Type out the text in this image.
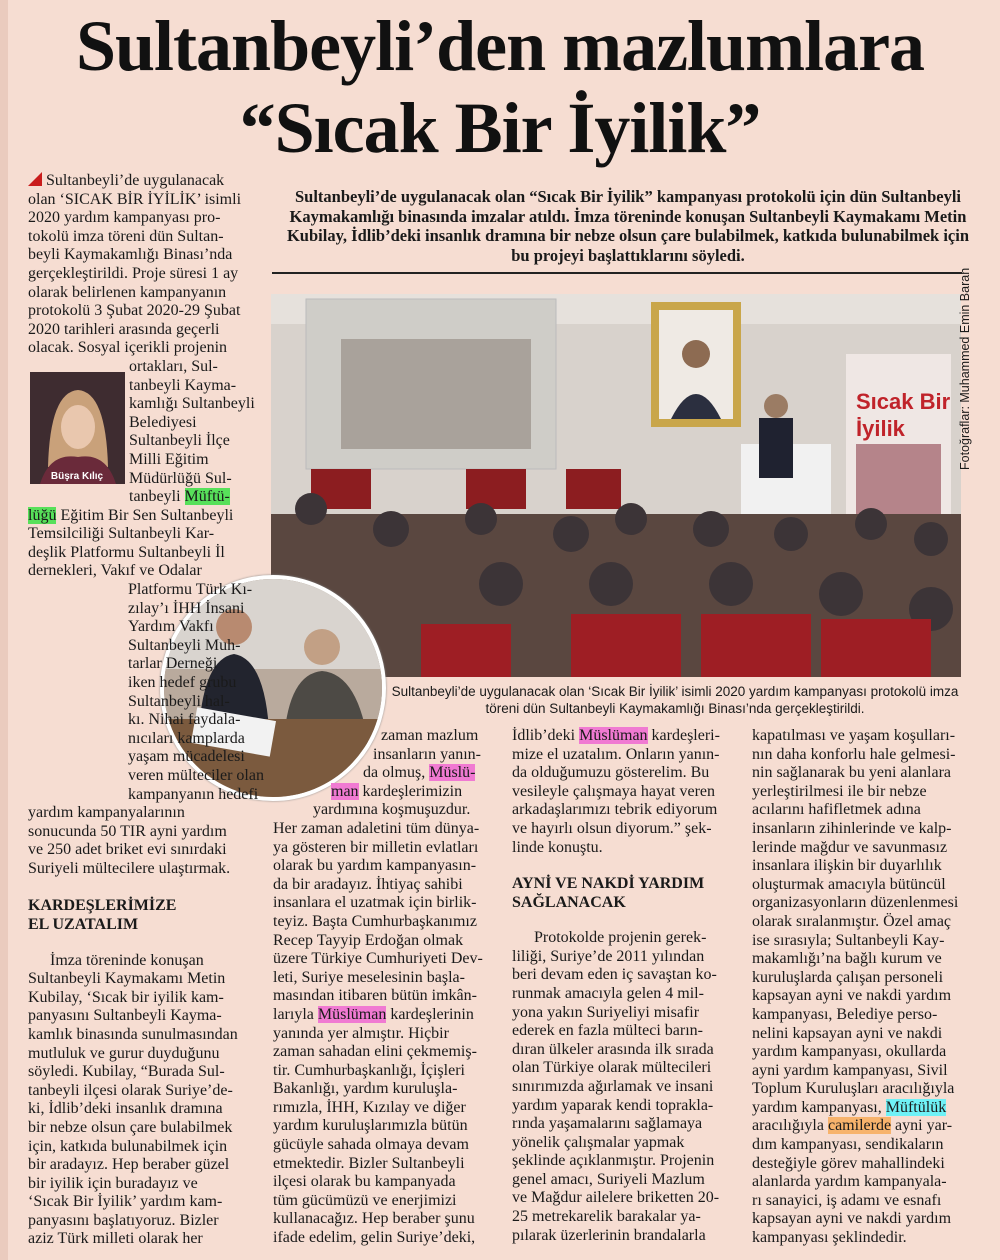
Sultanbeyli’den mazlumlara
“Sıcak Bir İyilik”
Sultanbeyli’de uygulanacak olan “Sıcak Bir İyilik” kampanyası protokolü için dün Sultanbeyli Kaymakamlığı binasında imzalar atıldı. İmza töreninde konuşan Sultanbeyli Kaymakamı Metin Kubilay, İdlib’deki insanlık dramına bir nebze olsun çare bulabilmek, katkıda bulunabilmek için bu projeyi başlattıklarını söyledi.
Sıcak Bir
İyilik	Fotoğraflar: Muhammed Emin Baran
Sultanbeyli’de uygulanacak olan ‘Sıcak Bir İyilik’ isimli 2020 yardım kampanyası protokolü imza töreni dün Sultanbeyli Kaymakamlığı Binası’nda gerçekleştirildi.
Büşra Kılıç

Sultanbeyli’de uygulanacak

olan ‘SICAK BİR İYİLİK’ isimli

2020 yardım kampanyası pro-

tokolü imza töreni dün Sultan-

beyli Kaymakamlığı Binası’nda

gerçekleştirildi. Proje süresi 1 ay

olarak belirlenen kampanyanın

protokolü 3 Şubat 2020-29 Şubat

2020 tarihleri arasında geçerli

olacak. Sosyal içerikli projenin

ortakları, Sul-

tanbeyli Kayma-

kamlığı Sultanbeyli

Belediyesi

Sultanbeyli İlçe

Milli Eğitim

Müdürlüğü Sul-

tanbeyli Müftü-

lüğü Eğitim Bir Sen Sultanbeyli

Temsilciliği Sultanbeyli Kar-

deşlik Platformu Sultanbeyli İl

dernekleri, Vakıf ve Odalar

Platformu Türk Kı-

zılay’ı İHH İnsani

Yardım Vakfı

Sultanbeyli Muh-

tarlar Derneği

iken hedef grubu

Sultanbeyli hal-

kı. Nihai faydala-

nıcıları kamplarda

yaşam mücadelesi

veren mülteciler olan

kampanyanın hedefi

yardım kampanyalarının

sonucunda 50 TIR ayni yardım

ve 250 adet briket evi sınırdaki

Suriyeli mültecilere ulaştırmak.

KARDEŞLERİMİZE

EL UZATALIM

İmza töreninde konuşan

Sultanbeyli Kaymakamı Metin

Kubilay, ‘Sıcak bir iyilik kam-

panyasını Sultanbeyli Kayma-

kamlık binasında sunulmasından

mutluluk ve gurur duyduğunu

söyledi. Kubilay, “Burada Sul-

tanbeyli ilçesi olarak Suriye’de-

ki, İdlib’deki insanlık dramına

bir nebze olsun çare bulabilmek

için, katkıda bulunabilmek için

bir aradayız. Hep beraber güzel

bir iyilik için buradayız ve

‘Sıcak Bir İyilik’ yardım kam-

panyasını başlatıyoruz. Bizler

aziz Türk milleti olarak her

zaman mazlum

insanların yanın-

da olmuş, Müslü-

man kardeşlerimizin

yardımına koşmuşuzdur.

Her zaman adaletini tüm dünya-

ya gösteren bir milletin evlatları

olarak bu yardım kampanyasın-

da bir aradayız. İhtiyaç sahibi

insanlara el uzatmak için birlik-

teyiz. Başta Cumhurbaşkanımız

Recep Tayyip Erdoğan olmak

üzere Türkiye Cumhuriyeti Dev-

leti, Suriye meselesinin başla-

masından itibaren bütün imkân-

larıyla Müslüman kardeşlerinin

yanında yer almıştır. Hiçbir

zaman sahadan elini çekmemiş-

tir. Cumhurbaşkanlığı, İçişleri

Bakanlığı, yardım kuruluşla-

rımızla, İHH, Kızılay ve diğer

yardım kuruluşlarımızla bütün

gücüyle sahada olmaya devam

etmektedir. Bizler Sultanbeyli

ilçesi olarak bu kampanyada

tüm gücümüzü ve enerjimizi

kullanacağız. Hep beraber şunu

ifade edelim, gelin Suriye’deki,

İdlib’deki Müslüman kardeşleri-

mize el uzatalım. Onların yanın-

da olduğumuzu gösterelim. Bu

vesileyle çalışmaya hayat veren

arkadaşlarımızı tebrik ediyorum

ve hayırlı olsun diyorum.” şek-

linde konuştu.

AYNİ VE NAKDİ YARDIM

SAĞLANACAK

Protokolde projenin gerek-

liliği, Suriye’de 2011 yılından

beri devam eden iç savaştan ko-

runmak amacıyla gelen 4 mil-

yona yakın Suriyeliyi misafir

ederek en fazla mülteci barın-

dıran ülkeler arasında ilk sırada

olan Türkiye olarak mültecileri

sınırımızda ağırlamak ve insani

yardım yaparak kendi toprakla-

rında yaşamalarını sağlamaya

yönelik çalışmalar yapmak

şeklinde açıklanmıştır. Projenin

genel amacı, Suriyeli Mazlum

ve Mağdur ailelere briketten 20-

25 metrekarelik barakalar ya-

pılarak üzerlerinin brandalarla

kapatılması ve yaşam koşulları-

nın daha konforlu hale gelmesi-

nin sağlanarak bu yeni alanlara

yerleştirilmesi ile bir nebze

acılarını hafifletmek adına

insanların zihinlerinde ve kalp-

lerinde mağdur ve savunmasız

insanlara ilişkin bir duyarlılık

oluşturmak amacıyla bütüncül

organizasyonların düzenlenmesi

olarak sıralanmıştır. Özel amaç

ise sırasıyla; Sultanbeyli Kay-

makamlığı’na bağlı kurum ve

kuruluşlarda çalışan personeli

kapsayan ayni ve nakdi yardım

kampanyası, Belediye perso-

nelini kapsayan ayni ve nakdi

yardım kampanyası, okullarda

ayni yardım kampanyası, Sivil

Toplum Kuruluşları aracılığıyla

yardım kampanyası, Müftülük

aracılığıyla camilerde ayni yar-

dım kampanyası, sendikaların

desteğiyle görev mahallindeki

alanlarda yardım kampanyala-

rı sanayici, iş adamı ve esnafı

kapsayan ayni ve nakdi yardım

kampanyası şeklindedir.
